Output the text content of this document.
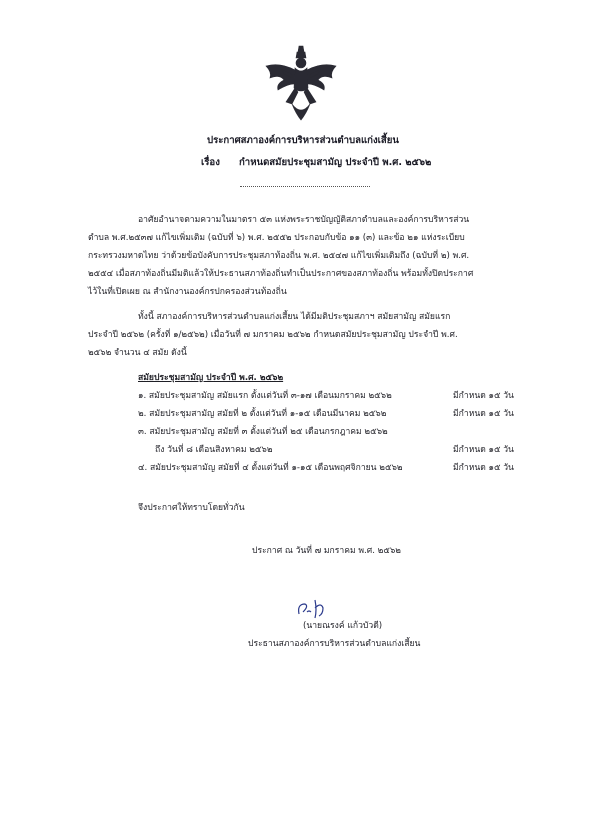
ประกาศสภาองค์การบริหารส่วนตำบลแก่งเสี้ยน
เรื่อง กำหนดสมัยประชุมสามัญ ประจำปี พ.ศ. ๒๕๖๒
อาศัยอำนาจตามความในมาตรา ๕๓ แห่งพระราชบัญญัติสภาตำบลและองค์การบริหารส่วน
ตำบล พ.ศ.๒๕๓๗ แก้ไขเพิ่มเติม (ฉบับที่ ๖) พ.ศ. ๒๕๕๒ ประกอบกับข้อ ๑๑ (๓) และข้อ ๒๑ แห่งระเบียบ
กระทรวงมหาดไทย ว่าด้วยข้อบังคับการประชุมสภาท้องถิ่น พ.ศ. ๒๕๔๗ แก้ไขเพิ่มเติมถึง (ฉบับที่ ๒) พ.ศ.
๒๕๕๔ เมื่อสภาท้องถิ่นมีมติแล้วให้ประธานสภาท้องถิ่นทำเป็นประกาศของสภาท้องถิ่น พร้อมทั้งปิดประกาศ
ไว้ในที่เปิดเผย ณ สำนักงานองค์กรปกครองส่วนท้องถิ่น
ทั้งนี้ สภาองค์การบริหารส่วนตำบลแก่งเสี้ยน ได้มีมติประชุมสภาฯ สมัยสามัญ สมัยแรก
ประจำปี ๒๕๖๒ (ครั้งที่ ๑/๒๕๖๒) เมื่อวันที่ ๗ มกราคม ๒๕๖๒ กำหนดสมัยประชุมสามัญ ประจำปี พ.ศ.
๒๕๖๒ จำนวน ๔ สมัย ดังนี้
สมัยประชุมสามัญ ประจำปี พ.ศ. ๒๕๖๒
๑. สมัยประชุมสามัญ สมัยแรก ตั้งแต่วันที่ ๓-๑๗ เดือนมกราคม ๒๕๖๒	มีกำหนด ๑๕ วัน
๒. สมัยประชุมสามัญ สมัยที่ ๒ ตั้งแต่วันที่ ๑-๑๕ เดือนมีนาคม ๒๕๖๒	มีกำหนด ๑๕ วัน
๓. สมัยประชุมสามัญ สมัยที่ ๓ ตั้งแต่วันที่ ๒๕ เดือนกรกฎาคม ๒๕๖๒
ถึง วันที่ ๘ เดือนสิงหาคม ๒๕๖๒	มีกำหนด ๑๕ วัน
๔. สมัยประชุมสามัญ สมัยที่ ๔ ตั้งแต่วันที่ ๑-๑๕ เดือนพฤศจิกายน ๒๕๖๒	มีกำหนด ๑๕ วัน
จึงประกาศให้ทราบโดยทั่วกัน
ประกาศ ณ วันที่ ๗ มกราคม พ.ศ. ๒๕๖๒
(นายณรงค์ แก้วบัวดี)
ประธานสภาองค์การบริหารส่วนตำบลแก่งเสี้ยน
